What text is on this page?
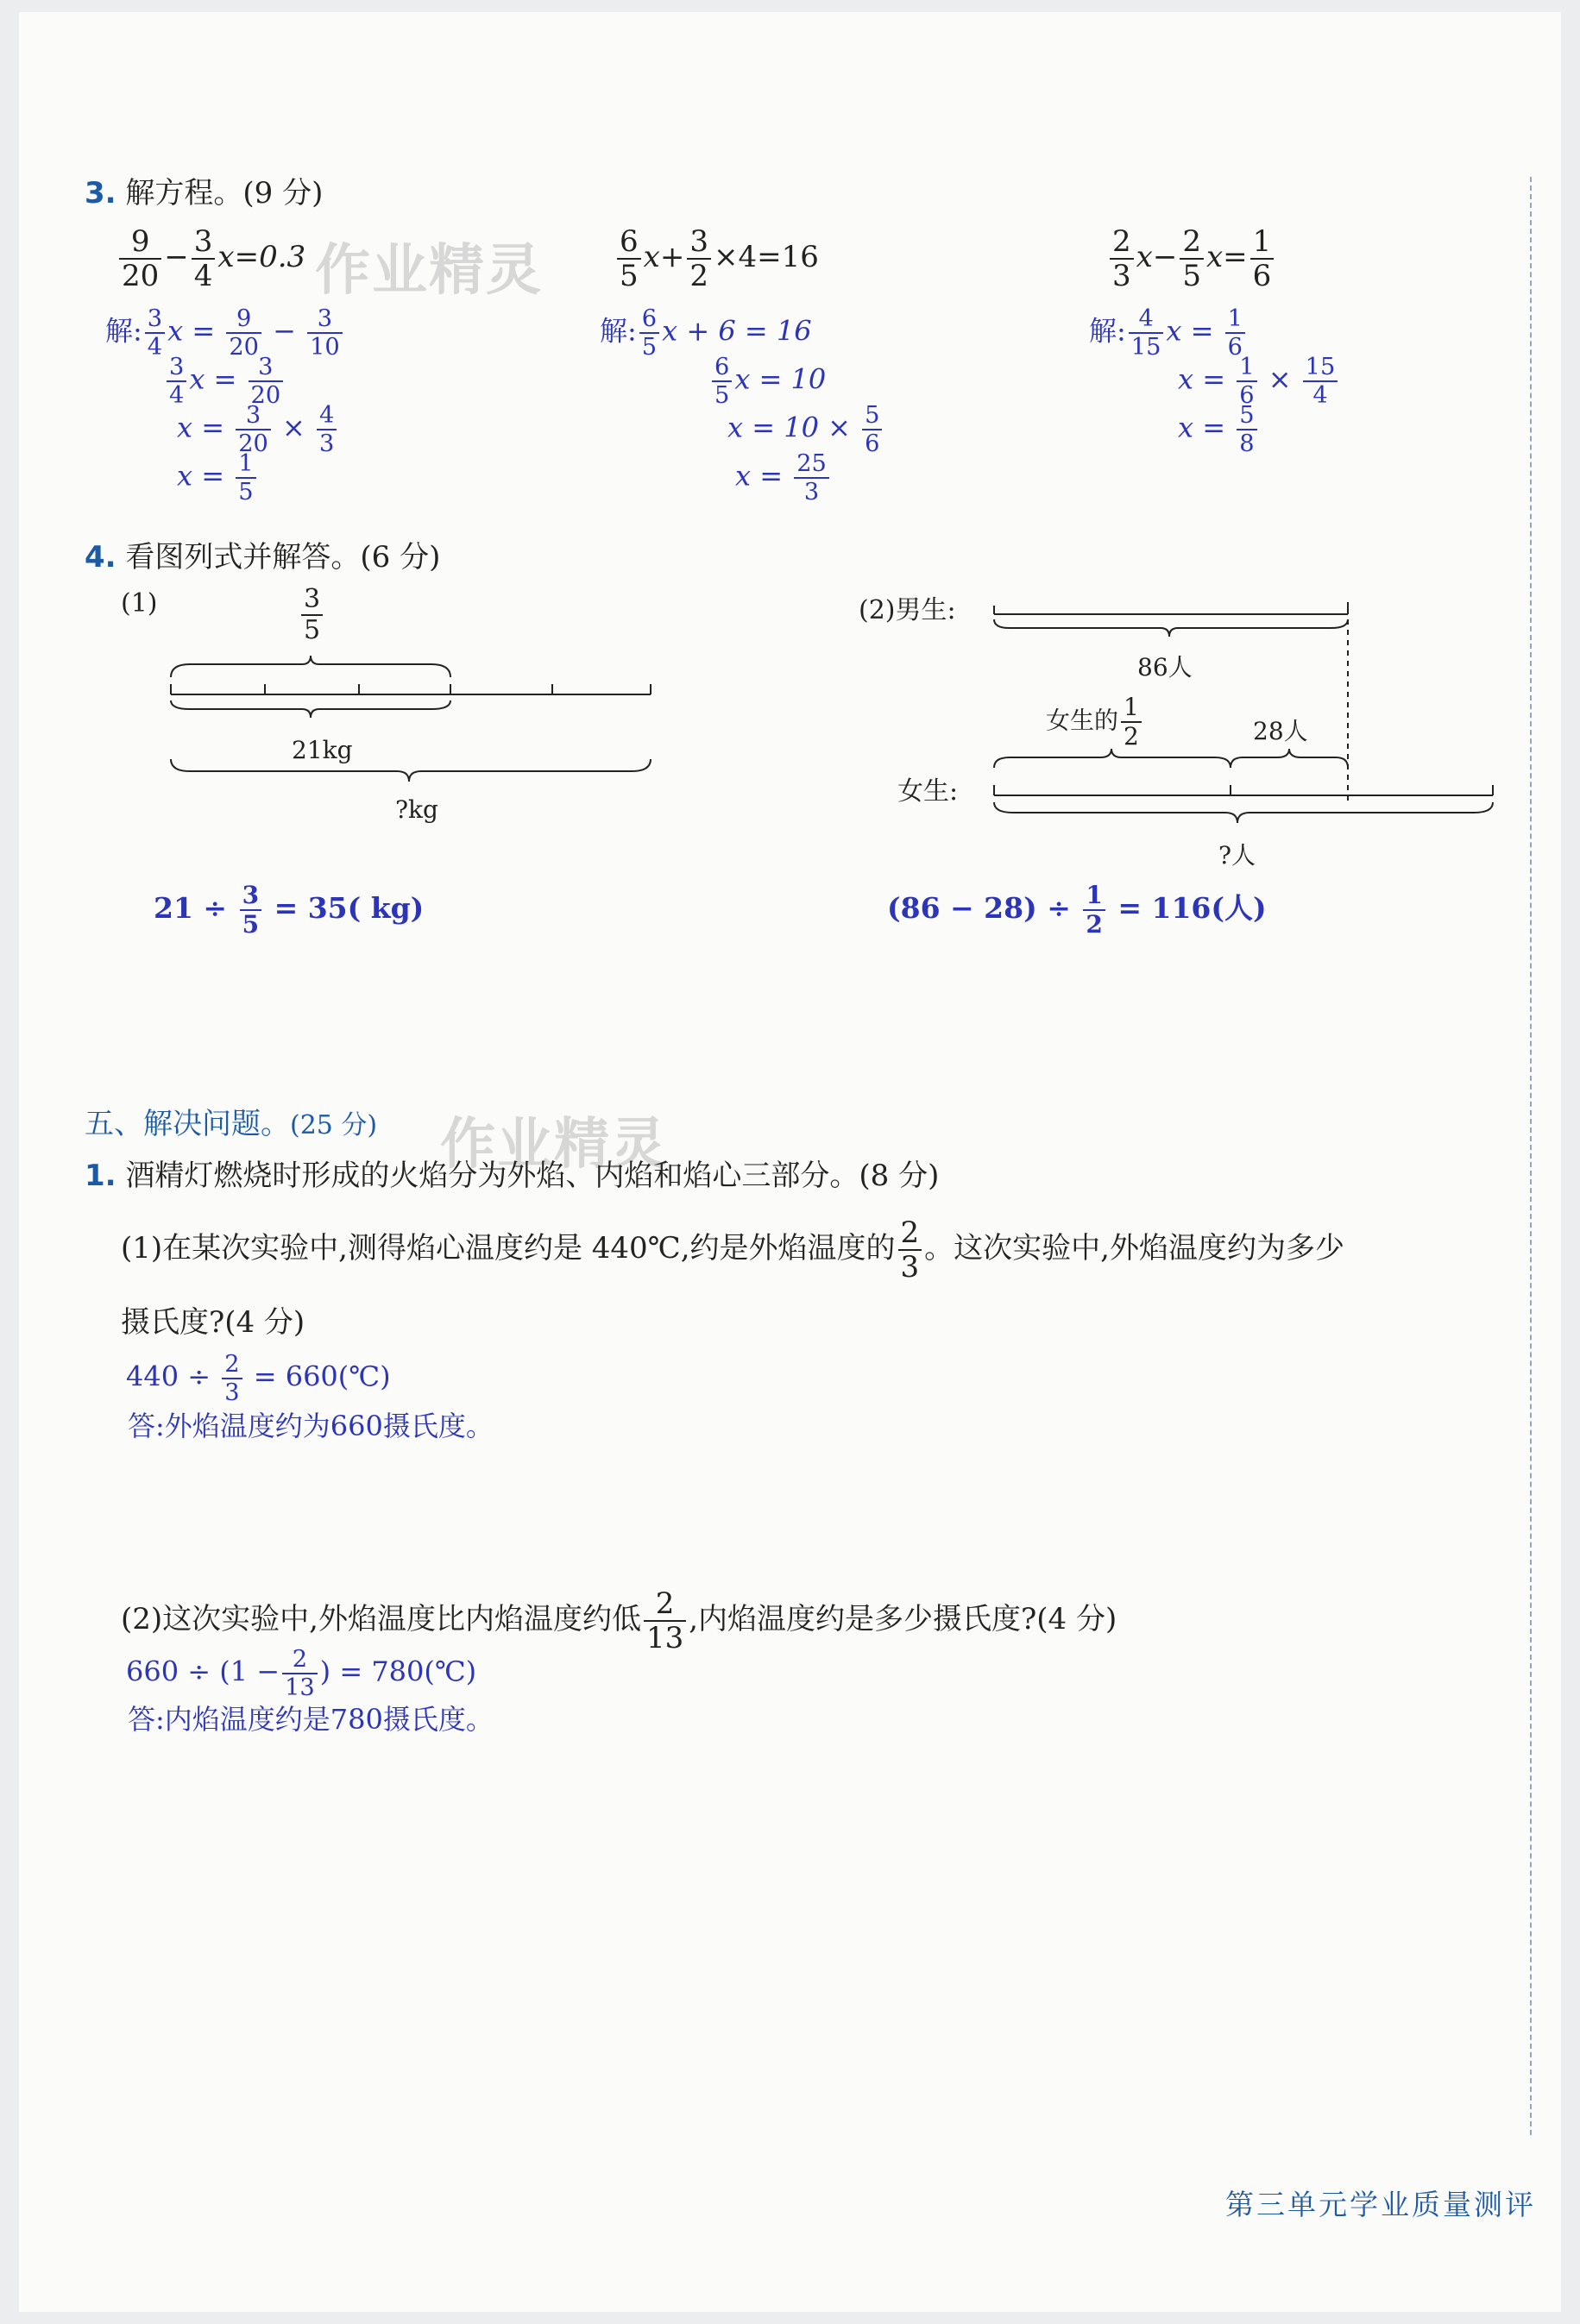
作业精灵
作业精灵
3. 解方程。(9 分)
$\frac{9}{20} - \frac{3}{4} x=0.3$	$\frac{6}{5} x+ \frac{3}{2} \times 4=16$	$\frac{2}{3} x- \frac{2}{5} x= \frac{1}{6}$
解: $\frac{3}{4}$ $x = \frac{9}{20} - \frac{3}{10}$
$\frac{3}{4}$ $x = \frac{3}{20}$
$x = \frac{3}{20} \times \frac{4}{3}$
$x = \frac{1}{5}$
解: $\frac{6}{5}$ x + 6 = 16
$\frac{6}{5}$ x = 10
$x = 10 \times \frac{5}{6}$
$x = \frac{25}{3}$
解: $\frac{4}{15}$ $x = \frac{1}{6}$
$x = \frac{1}{6} \times \frac{15}{4}$
$x = \frac{5}{8}$
4. 看图列式并解答。(6 分)
(1)	$\frac{3}{5}$
21kg
?kg
(2)男生:
86人
女生的 $\frac{1}{2}$	28人
女生:
?人
$21 \div \frac{3}{5} = 35$( kg)	$(86 - 28) \div \frac{1}{2} = 116$(人)
五、解决问题。(25 分)
1. 酒精灯燃烧时形成的火焰分为外焰、内焰和焰心三部分。(8 分)
(1)在某次实验中,测得焰心温度约是 440℃,约是外焰温度的 $\frac{2}{3}$ 。这次实验中,外焰温度约为多少
摄氏度?(4 分)
$440 \div \frac{2}{3}$ = 660(℃)
答:外焰温度约为660摄氏度。
(2)这次实验中,外焰温度比内焰温度约低 $\frac{2}{13}$ ,内焰温度约是多少摄氏度?(4 分)
$660 \div (1 - \frac{2}{13}$ ) = 780(℃)
答:内焰温度约是780摄氏度。
第三单元学业质量测评
